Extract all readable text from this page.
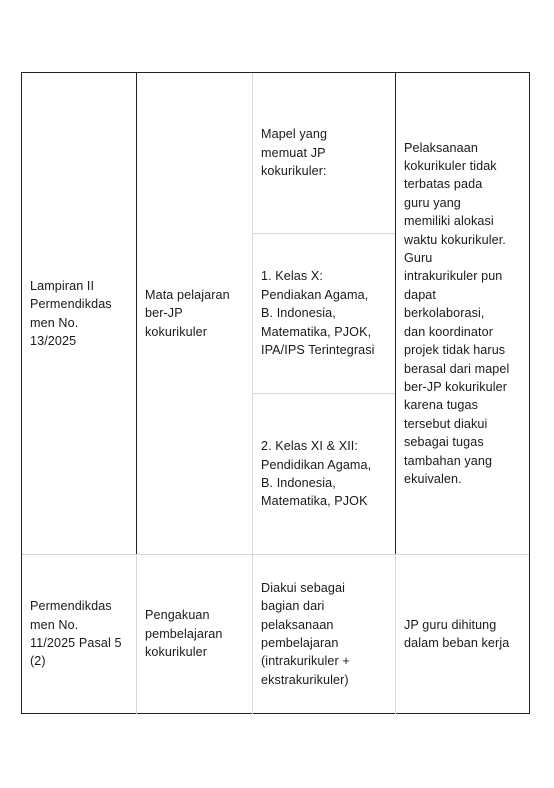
Lampiran II
Permendikdas
men No.
13/2025
Mata pelajaran
ber-JP
kokurikuler
Mapel yang
memuat JP
kokurikuler:
1. Kelas X:
Pendiakan Agama,
B. Indonesia,
Matematika, PJOK,
IPA/IPS Terintegrasi
2. Kelas XI & XII:
Pendidikan Agama,
B. Indonesia,
Matematika, PJOK
Pelaksanaan
kokurikuler tidak
terbatas pada
guru yang
memiliki alokasi
waktu kokurikuler.
Guru
intrakurikuler pun
dapat
berkolaborasi,
dan koordinator
projek tidak harus
berasal dari mapel
ber-JP kokurikuler
karena tugas
tersebut diakui
sebagai tugas
tambahan yang
ekuivalen.
Permendikdas
men No.
11/2025 Pasal 5
(2)
Pengakuan
pembelajaran
kokurikuler
Diakui sebagai
bagian dari
pelaksanaan
pembelajaran
(intrakurikuler +
ekstrakurikuler)
JP guru dihitung
dalam beban kerja
